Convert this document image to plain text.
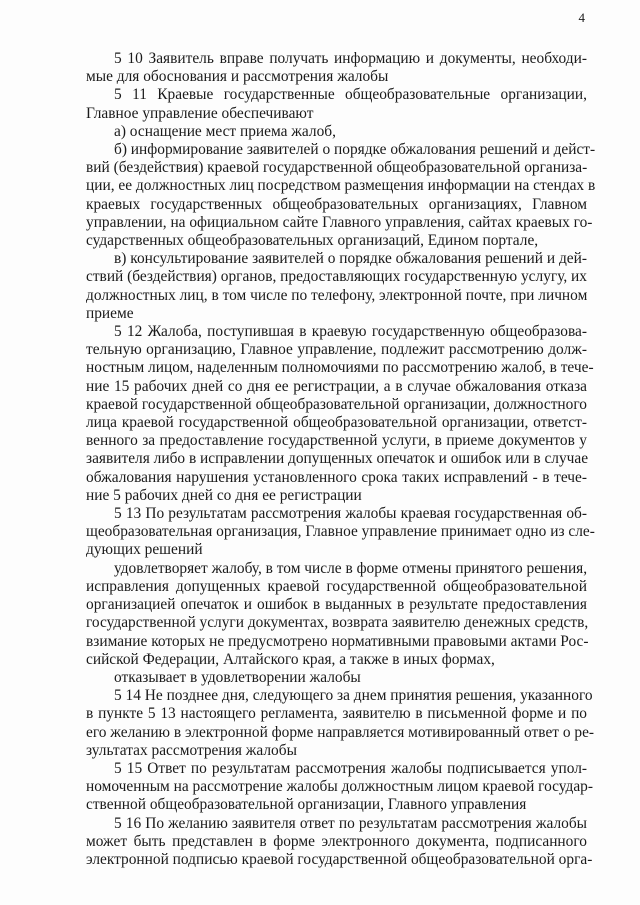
4
5 10 Заявитель вправе получать информацию и документы, необходи-
мые для обоснования и рассмотрения жалобы
5 11 Краевые государственные общеобразовательные организации,
Главное управление обеспечивают
а) оснащение мест приема жалоб,
б) информирование заявителей о порядке обжалования решений и дейст-
вий (бездействия) краевой государственной общеобразовательной организа-
ции, ее должностных лиц посредством размещения информации на стендах в
краевых государственных общеобразовательных организациях, Главном
управлении, на официальном сайте Главного управления, сайтах краевых го-
сударственных общеобразовательных организаций, Едином портале,
в) консультирование заявителей о порядке обжалования решений и дей-
ствий (бездействия) органов, предоставляющих государственную услугу, их
должностных лиц, в том числе по телефону, электронной почте, при личном
приеме
5 12 Жалоба, поступившая в краевую государственную общеобразова-
тельную организацию, Главное управление, подлежит рассмотрению долж-
ностным лицом, наделенным полномочиями по рассмотрению жалоб, в тече-
ние 15 рабочих дней со дня ее регистрации, а в случае обжалования отказа
краевой государственной общеобразовательной организации, должностного
лица краевой государственной общеобразовательной организации, ответст-
венного за предоставление государственной услуги, в приеме документов у
заявителя либо в исправлении допущенных опечаток и ошибок или в случае
обжалования нарушения установленного срока таких исправлений - в тече-
ние 5 рабочих дней со дня ее регистрации
5 13 По результатам рассмотрения жалобы краевая государственная об-
щеобразовательная организация, Главное управление принимает одно из сле-
дующих решений
удовлетворяет жалобу, в том числе в форме отмены принятого решения,
исправления допущенных краевой государственной общеобразовательной
организацией опечаток и ошибок в выданных в результате предоставления
государственной услуги документах, возврата заявителю денежных средств,
взимание которых не предусмотрено нормативными правовыми актами Рос-
сийской Федерации, Алтайского края, а также в иных формах,
отказывает в удовлетворении жалобы
5 14 Не позднее дня, следующего за днем принятия решения, указанного
в пункте 5 13 настоящего регламента, заявителю в письменной форме и по
его желанию в электронной форме направляется мотивированный ответ о ре-
зультатах рассмотрения жалобы
5 15 Ответ по результатам рассмотрения жалобы подписывается упол-
номоченным на рассмотрение жалобы должностным лицом краевой государ-
ственной общеобразовательной организации, Главного управления
5 16 По желанию заявителя ответ по результатам рассмотрения жалобы
может быть представлен в форме электронного документа, подписанного
электронной подписью краевой государственной общеобразовательной орга-
